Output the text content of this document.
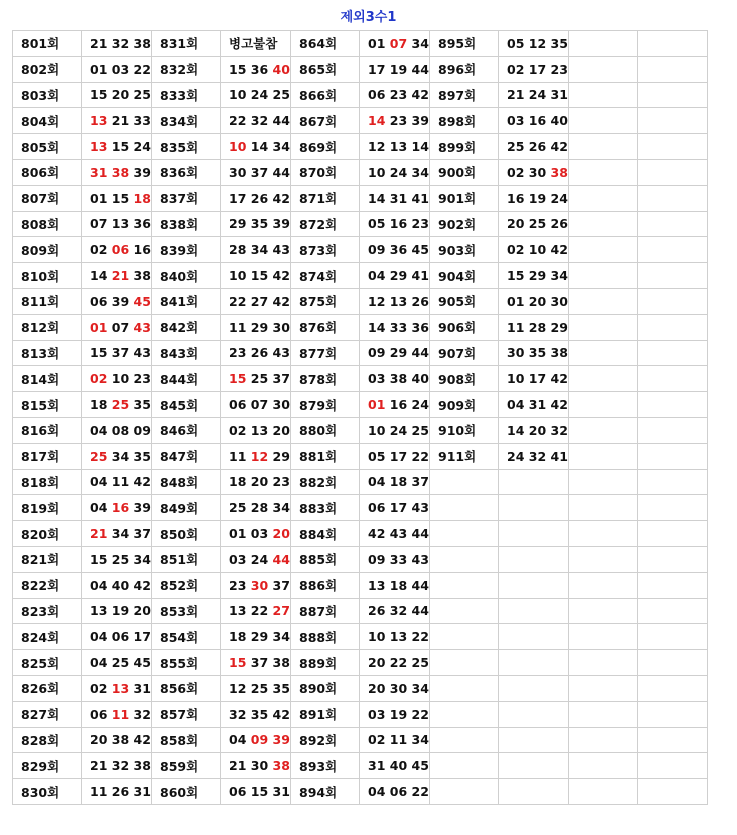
제외3수1
801회	21 32 38	831회	병고불참	864회	01 07 34	895회	05 12 35		
802회	01 03 22	832회	15 36 40	865회	17 19 44	896회	02 17 23		
803회	15 20 25	833회	10 24 25	866회	06 23 42	897회	21 24 31		
804회	13 21 33	834회	22 32 44	867회	14 23 39	898회	03 16 40		
805회	13 15 24	835회	10 14 34	869회	12 13 14	899회	25 26 42		
806회	31 38 39	836회	30 37 44	870회	10 24 34	900회	02 30 38		
807회	01 15 18	837회	17 26 42	871회	14 31 41	901회	16 19 24		
808회	07 13 36	838회	29 35 39	872회	05 16 23	902회	20 25 26		
809회	02 06 16	839회	28 34 43	873회	09 36 45	903회	02 10 42		
810회	14 21 38	840회	10 15 42	874회	04 29 41	904회	15 29 34		
811회	06 39 45	841회	22 27 42	875회	12 13 26	905회	01 20 30		
812회	01 07 43	842회	11 29 30	876회	14 33 36	906회	11 28 29		
813회	15 37 43	843회	23 26 43	877회	09 29 44	907회	30 35 38		
814회	02 10 23	844회	15 25 37	878회	03 38 40	908회	10 17 42		
815회	18 25 35	845회	06 07 30	879회	01 16 24	909회	04 31 42		
816회	04 08 09	846회	02 13 20	880회	10 24 25	910회	14 20 32		
817회	25 34 35	847회	11 12 29	881회	05 17 22	911회	24 32 41		
818회	04 11 42	848회	18 20 23	882회	04 18 37				
819회	04 16 39	849회	25 28 34	883회	06 17 43				
820회	21 34 37	850회	01 03 20	884회	42 43 44				
821회	15 25 34	851회	03 24 44	885회	09 33 43				
822회	04 40 42	852회	23 30 37	886회	13 18 44				
823회	13 19 20	853회	13 22 27	887회	26 32 44				
824회	04 06 17	854회	18 29 34	888회	10 13 22				
825회	04 25 45	855회	15 37 38	889회	20 22 25				
826회	02 13 31	856회	12 25 35	890회	20 30 34				
827회	06 11 32	857회	32 35 42	891회	03 19 22				
828회	20 38 42	858회	04 09 39	892회	02 11 34				
829회	21 32 38	859회	21 30 38	893회	31 40 45				
830회	11 26 31	860회	06 15 31	894회	04 06 22				
